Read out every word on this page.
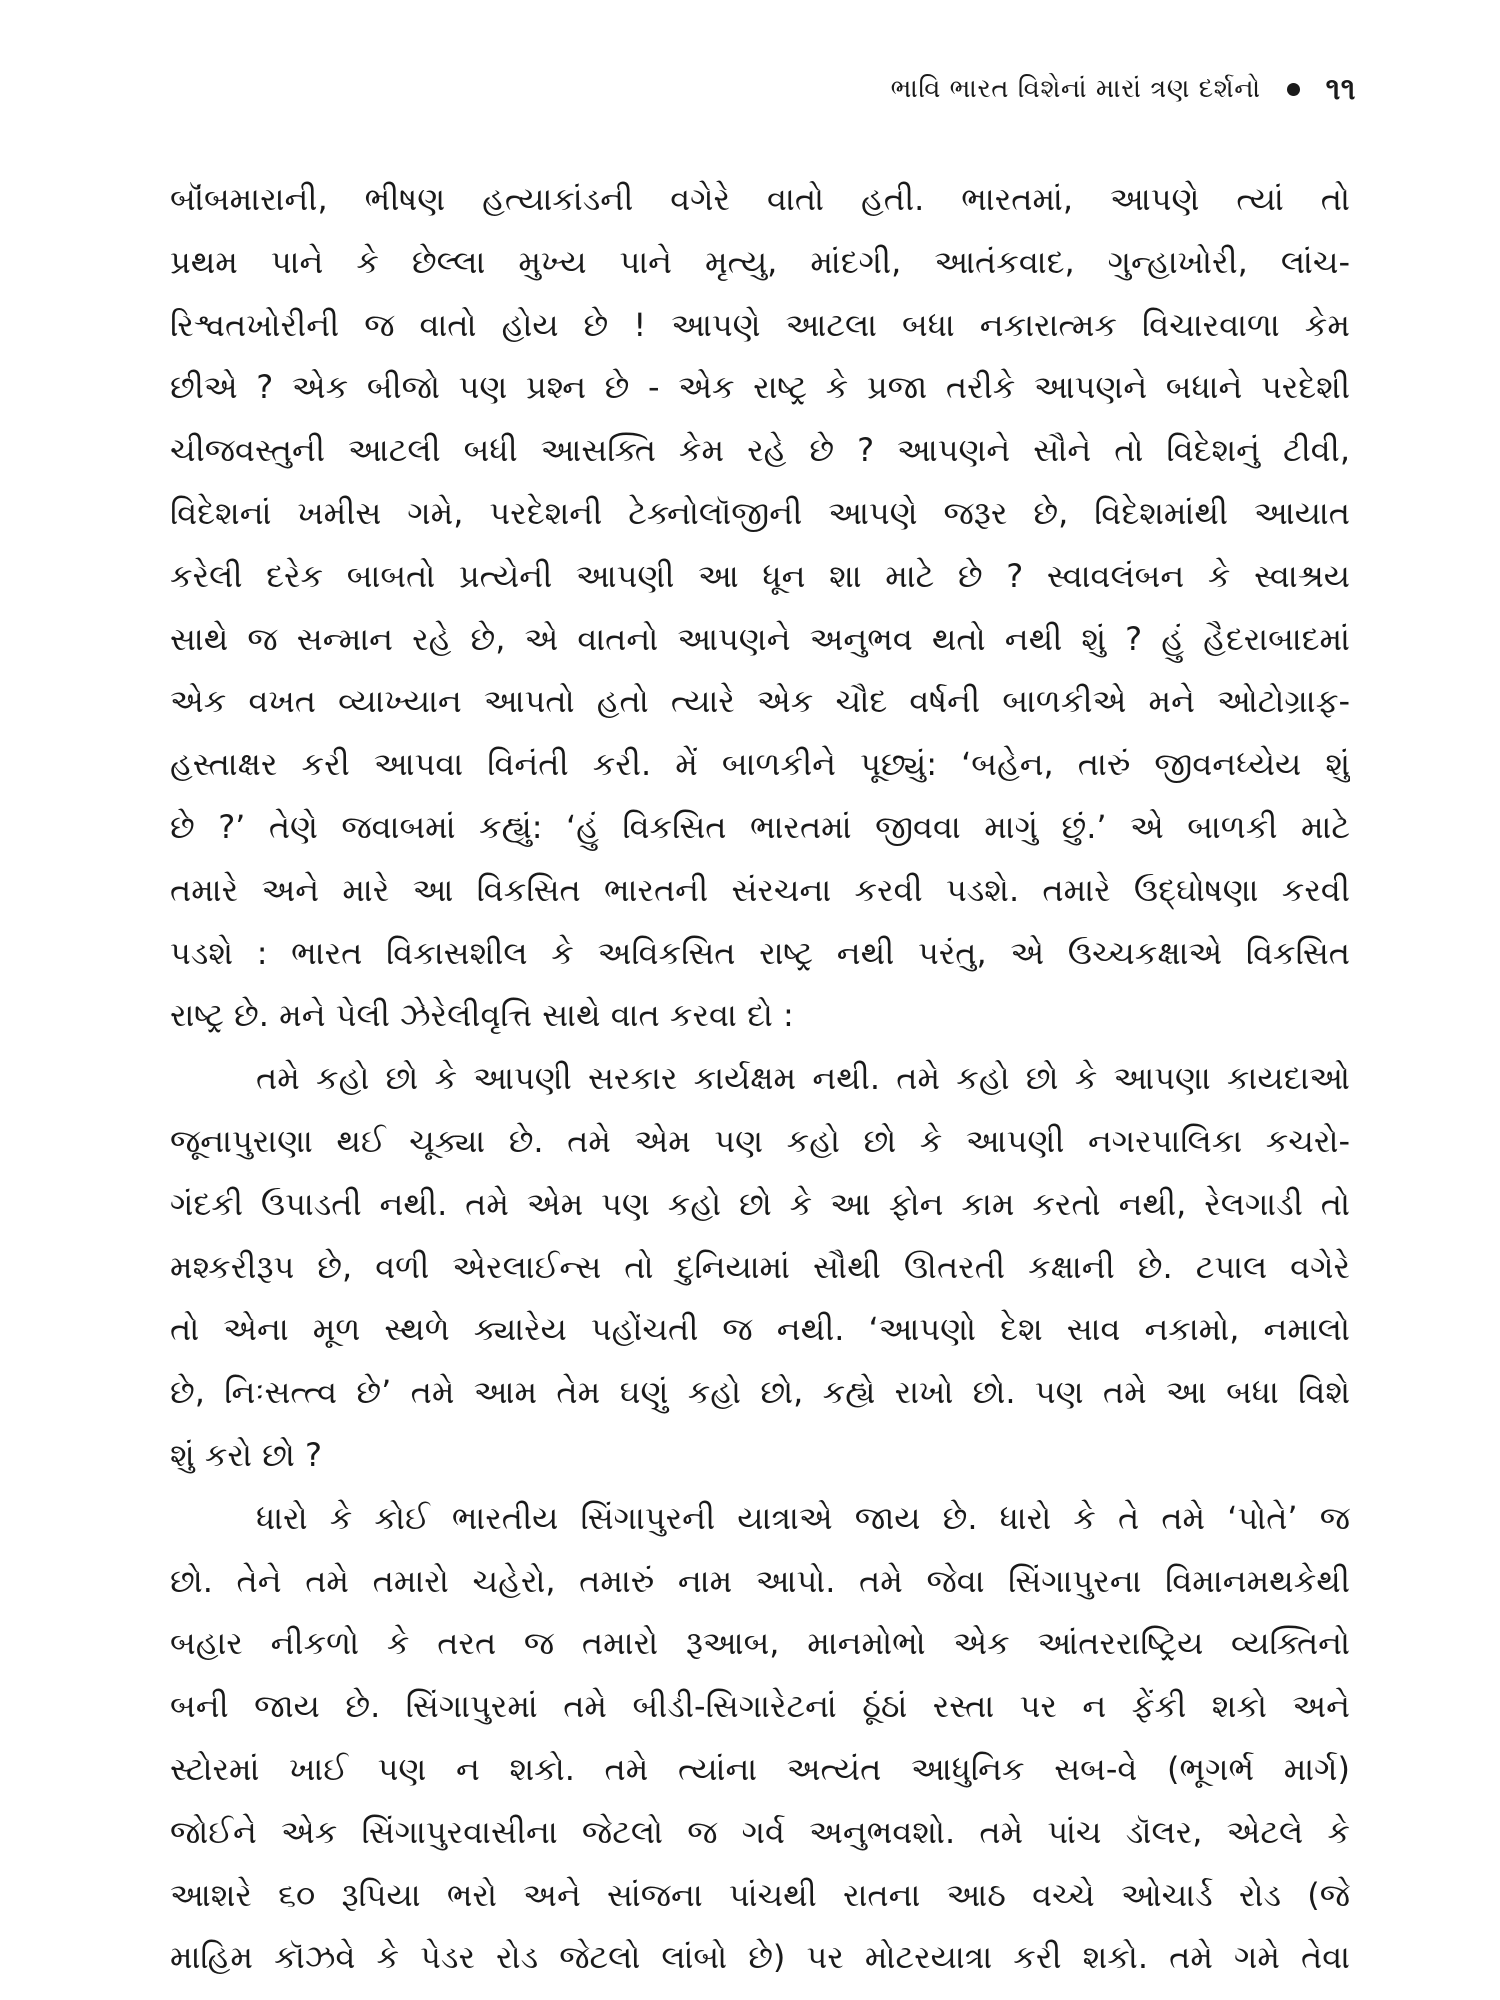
ભાવિ ભારત વિશેનાં મારાં ત્રણ દર્શનો ૧૧
બૉંબમારાની, ભીષણ હત્યાકાંડની વગેરે વાતો હતી. ભારતમાં, આપણે ત્યાં તો
પ્રથમ પાને કે છેલ્લા મુખ્ય પાને મૃત્યુ, માંદગી, આતંકવાદ, ગુન્હાખોરી, લાંચ-
રિશ્વતખોરીની જ વાતો હોય છે ! આપણે આટલા બધા નકારાત્મક વિચારવાળા કેમ
છીએ ? એક બીજો પણ પ્રશ્ન છે - એક રાષ્ટ્ર કે પ્રજા તરીકે આપણને બધાને પરદેશી
ચીજવસ્તુની આટલી બધી આસક્તિ કેમ રહે છે ? આપણને સૌને તો વિદેશનું ટીવી,
વિદેશનાં ખમીસ ગમે, પરદેશની ટેક્નોલૉજીની આપણે જરૂર છે, વિદેશમાંથી આયાત
કરેલી દરેક બાબતો પ્રત્યેની આપણી આ ધૂન શા માટે છે ? સ્વાવલંબન કે સ્વાશ્રય
સાથે જ સન્માન રહે છે, એ વાતનો આપણને અનુભવ થતો નથી શું ? હું હૈદરાબાદમાં
એક વખત વ્યાખ્યાન આપતો હતો ત્યારે એક ચૌદ વર્ષની બાળકીએ મને ઓટોગ્રાફ-
હસ્તાક્ષર કરી આપવા વિનંતી કરી. મેં બાળકીને પૂછ્યું: ‘બહેન, તારું જીવનધ્યેય શું
છે ?’ તેણે જવાબમાં કહ્યું: ‘હું વિકસિત ભારતમાં જીવવા માગું છું.’ એ બાળકી માટે
તમારે અને મારે આ વિકસિત ભારતની સંરચના કરવી પડશે. તમારે ઉદ્ઘોષણા કરવી
પડશે : ભારત વિકાસશીલ કે અવિકસિત રાષ્ટ્ર નથી પરંતુ, એ ઉચ્ચકક્ષાએ વિકસિત
રાષ્ટ્ર છે. મને પેલી ઝેરેલીવૃત્તિ સાથે વાત કરવા દો :
તમે કહો છો કે આપણી સરકાર કાર્યક્ષમ નથી. તમે કહો છો કે આપણા કાયદાઓ
જૂનાપુરાણા થઈ ચૂક્યા છે. તમે એમ પણ કહો છો કે આપણી નગરપાલિકા કચરો-
ગંદકી ઉપાડતી નથી. તમે એમ પણ કહો છો કે આ ફોન કામ કરતો નથી, રેલગાડી તો
મશ્કરીરૂપ છે, વળી એરલાઈન્સ તો દુનિયામાં સૌથી ઊતરતી કક્ષાની છે. ટપાલ વગેરે
તો એના મૂળ સ્થળે ક્યારેય પહોંચતી જ નથી. ‘આપણો દેશ સાવ નકામો, નમાલો
છે, નિઃસત્ત્વ છે’ તમે આમ તેમ ઘણું કહો છો, કહ્યે રાખો છો. પણ તમે આ બધા વિશે
શું કરો છો ?
ધારો કે કોઈ ભારતીય સિંગાપુરની યાત્રાએ જાય છે. ધારો કે તે તમે ‘પોતે’ જ
છો. તેને તમે તમારો ચહેરો, તમારું નામ આપો. તમે જેવા સિંગાપુરના વિમાનમથકેથી
બહાર નીકળો કે તરત જ તમારો રૂઆબ, માનમોભો એક આંતરરાષ્ટ્રિય વ્યક્તિનો
બની જાય છે. સિંગાપુરમાં તમે બીડી-સિગારેટનાં ઠૂંઠાં રસ્તા પર ન ફેંકી શકો અને
સ્ટોરમાં ખાઈ પણ ન શકો. તમે ત્યાંના અત્યંત આધુનિક સબ-વે (ભૂગર્ભ માર્ગ)
જોઈને એક સિંગાપુરવાસીના જેટલો જ ગર્વ અનુભવશો. તમે પાંચ ડૉલર, એટલે કે
આશરે ૬૦ રૂપિયા ભરો અને સાંજના પાંચથી રાતના આઠ વચ્ચે ઓચાર્ડ રોડ (જે
માહિમ કૉઝવે કે પેડર રોડ જેટલો લાંબો છે) પર મોટરયાત્રા કરી શકો. તમે ગમે તેવા
